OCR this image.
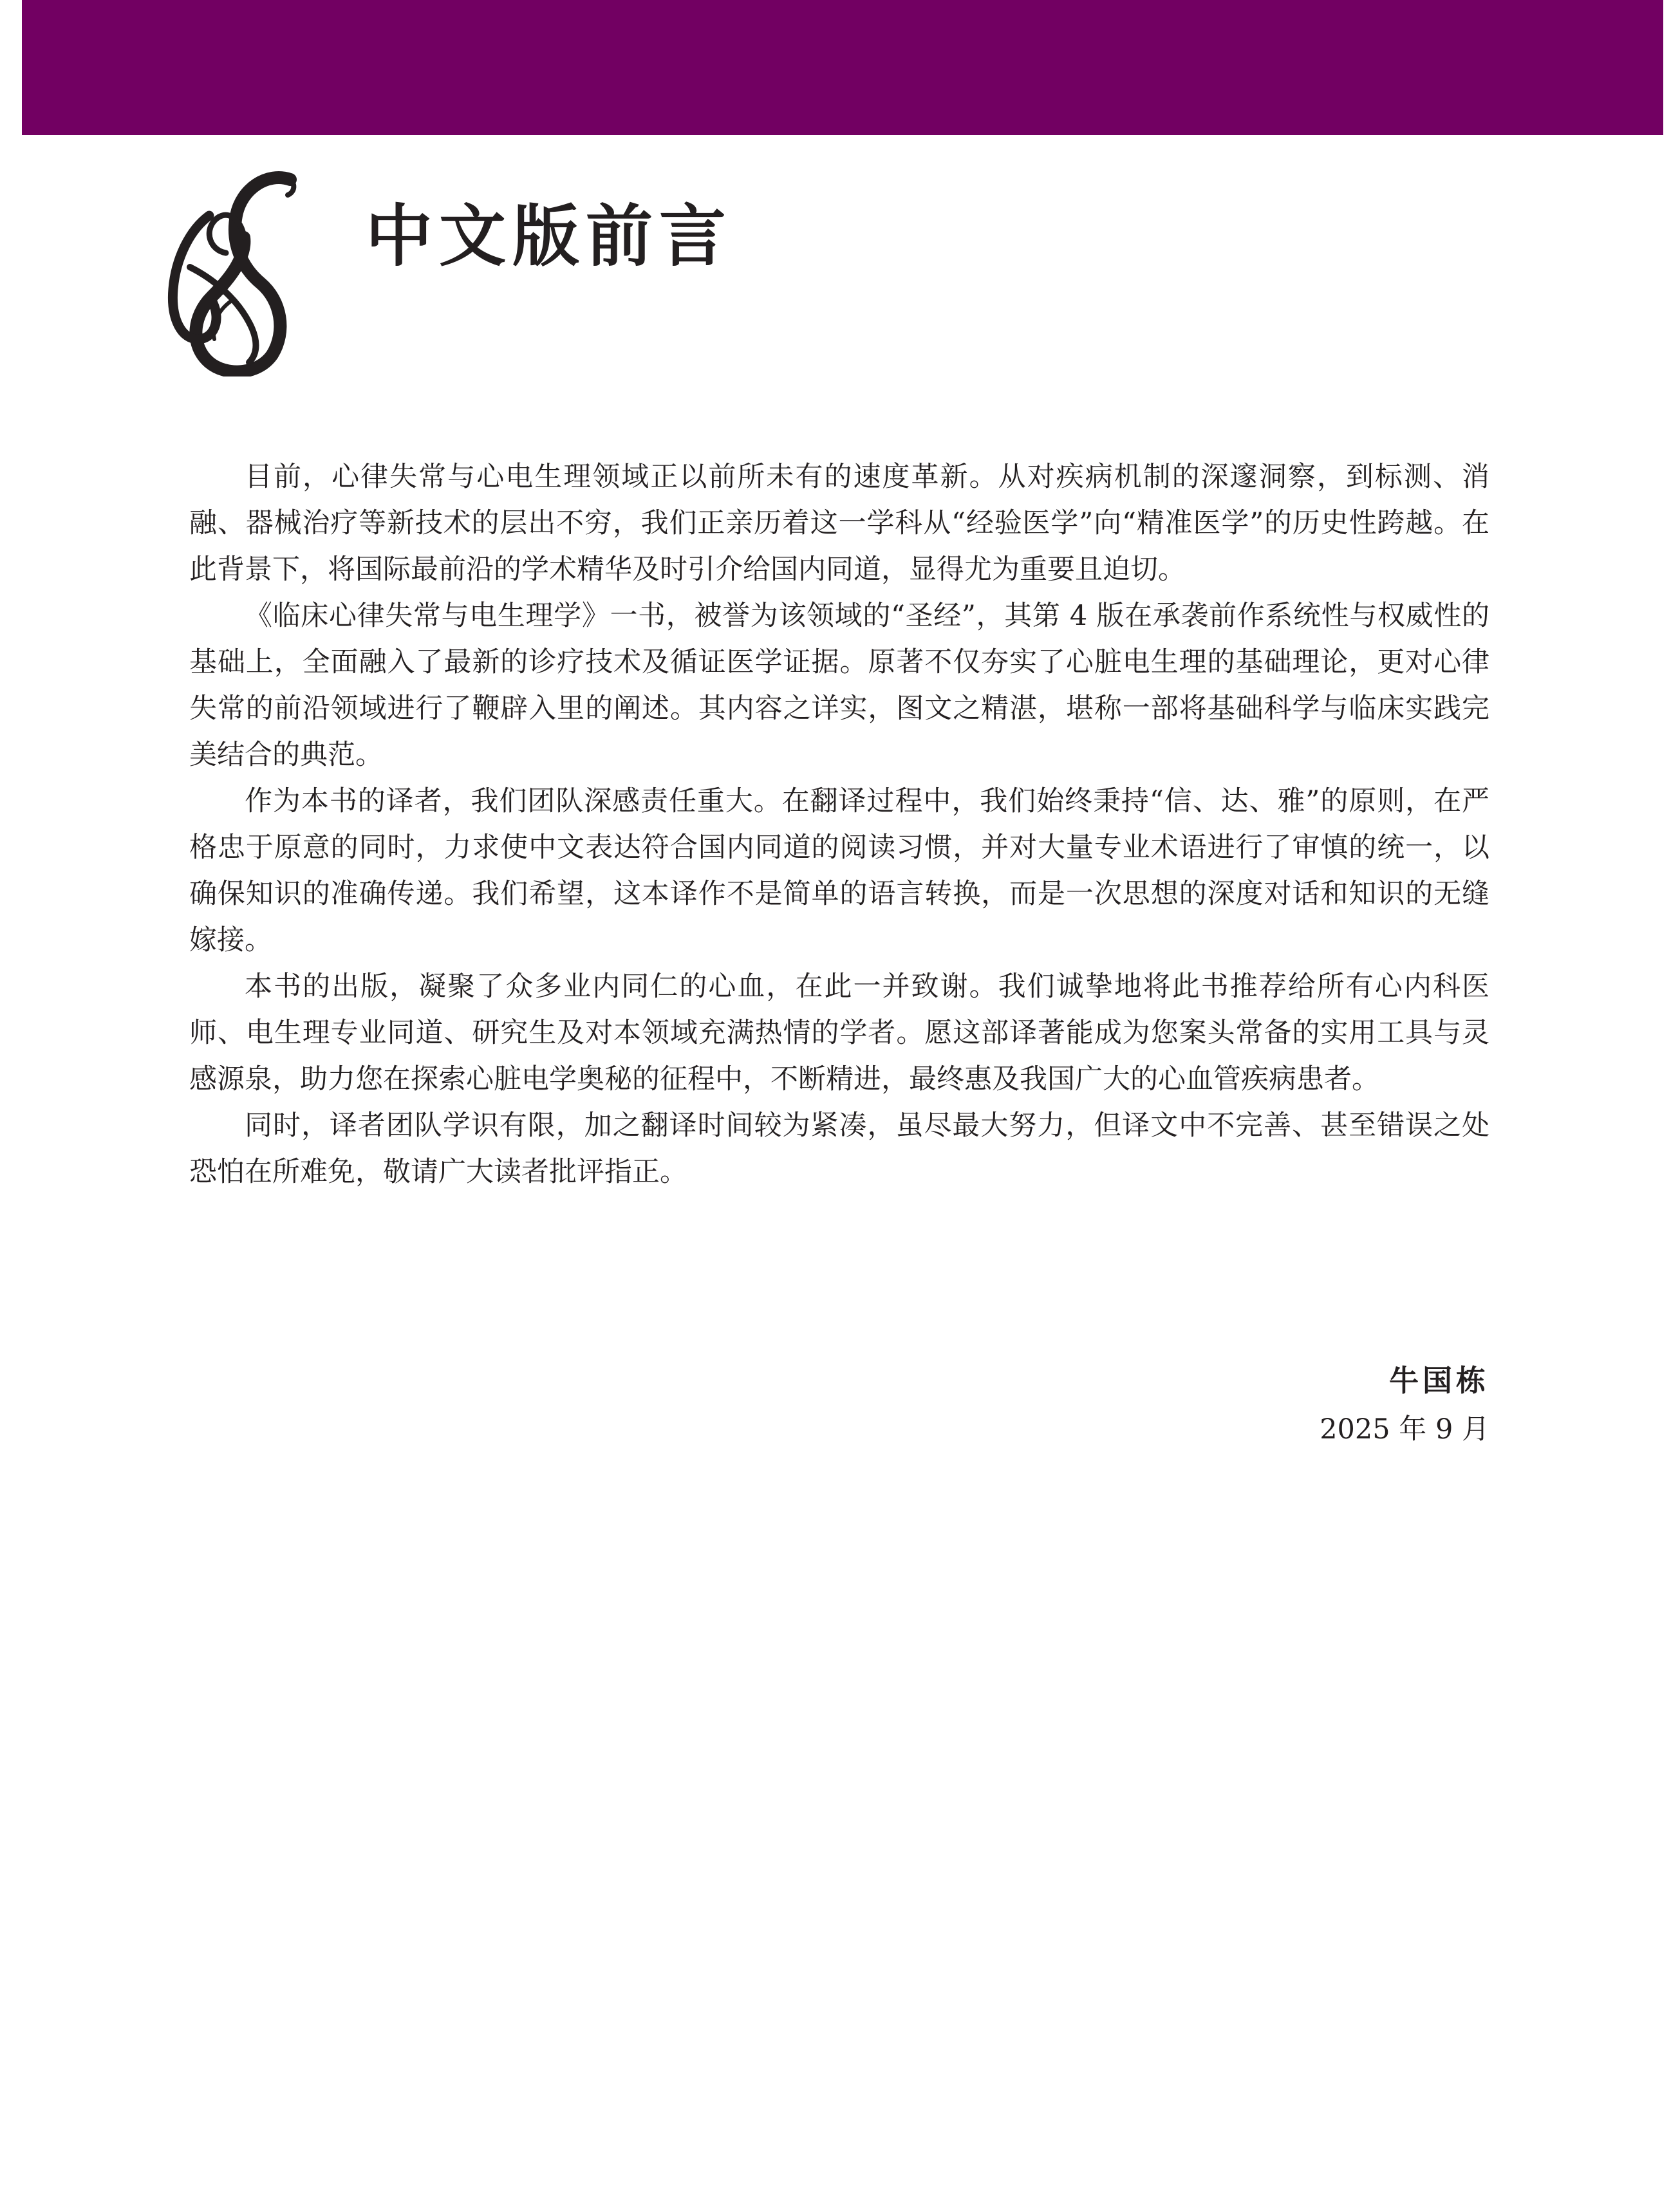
中文版前言

目前，心律失常与心电生理领域正以前所未有的速度革新。从对疾病机制的深邃洞察，到标测、消融、器械治疗等新技术的层出不穷，我们正亲历着这一学科从“经验医学”向“精准医学”的历史性跨越。在此背景下，将国际最前沿的学术精华及时引介给国内同道，显得尤为重要且迫切。

《临床心律失常与电生理学》一书，被誉为该领域的“圣经”，其第 4 版在承袭前作系统性与权威性的基础上，全面融入了最新的诊疗技术及循证医学证据。原著不仅夯实了心脏电生理的基础理论，更对心律失常的前沿领域进行了鞭辟入里的阐述。其内容之详实，图文之精湛，堪称一部将基础科学与临床实践完美结合的典范。

作为本书的译者，我们团队深感责任重大。在翻译过程中，我们始终秉持“信、达、雅”的原则，在严格忠于原意的同时，力求使中文表达符合国内同道的阅读习惯，并对大量专业术语进行了审慎的统一，以确保知识的准确传递。我们希望，这本译作不是简单的语言转换，而是一次思想的深度对话和知识的无缝嫁接。

本书的出版，凝聚了众多业内同仁的心血，在此一并致谢。我们诚挚地将此书推荐给所有心内科医师、电生理专业同道、研究生及对本领域充满热情的学者。愿这部译著能成为您案头常备的实用工具与灵感源泉，助力您在探索心脏电学奥秘的征程中，不断精进，最终惠及我国广大的心血管疾病患者。

同时，译者团队学识有限，加之翻译时间较为紧凑，虽尽最大努力，但译文中不完善、甚至错误之处恐怕在所难免，敬请广大读者批评指正。

牛国栋
2025 年 9 月
